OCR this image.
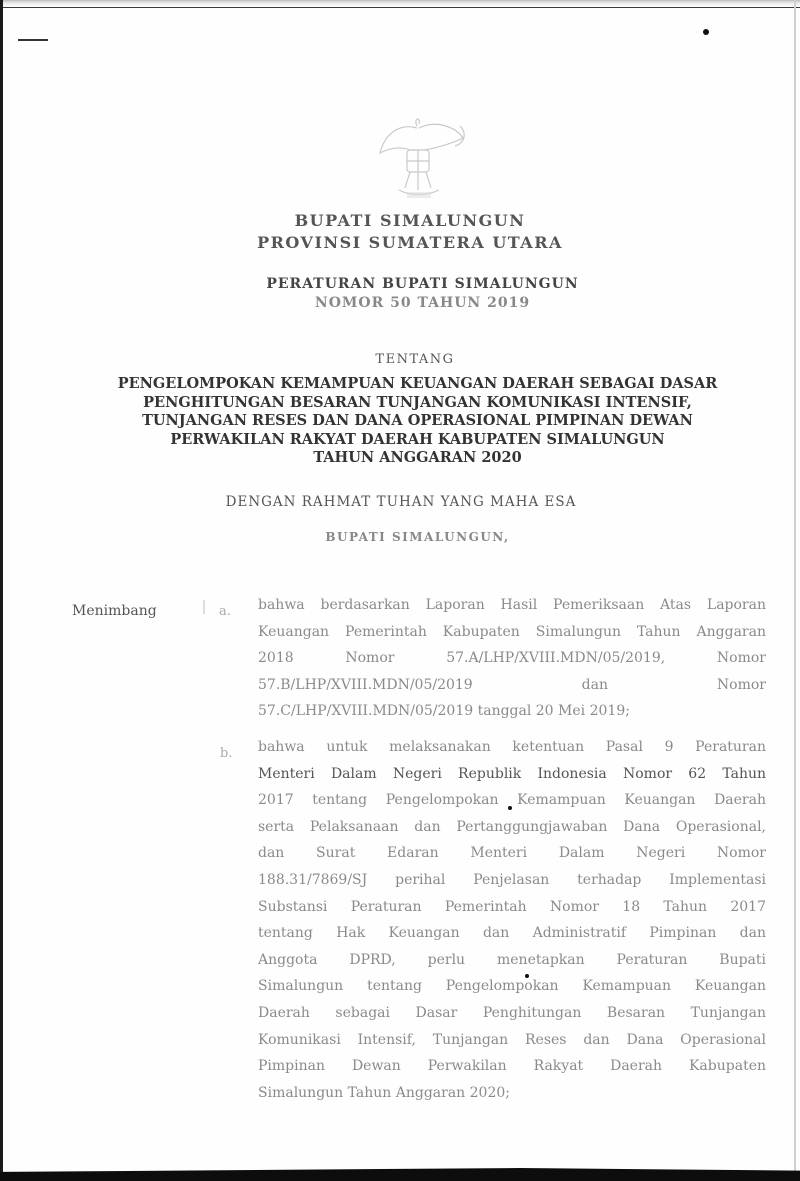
BUPATI SIMALUNGUN
PROVINSI SUMATERA UTARA
PERATURAN BUPATI SIMALUNGUN
NOMOR 50 TAHUN 2019
TENTANG
PENGELOMPOKAN KEMAMPUAN KEUANGAN DAERAH SEBAGAI DASAR
PENGHITUNGAN BESARAN TUNJANGAN KOMUNIKASI INTENSIF,
TUNJANGAN RESES DAN DANA OPERASIONAL PIMPINAN DEWAN
PERWAKILAN RAKYAT DAERAH KABUPATEN SIMALUNGUN
TAHUN ANGGARAN 2020
DENGAN RAHMAT TUHAN YANG MAHA ESA
BUPATI SIMALUNGUN,
Menimbang	a. bahwa berdasarkan Laporan Hasil Pemeriksaan Atas Laporan
Keuangan Pemerintah Kabupaten Simalungun Tahun Anggaran
2018 Nomor 57.A/LHP/XVIII.MDN/05/2019, Nomor
57.B/LHP/XVIII.MDN/05/2019 dan Nomor
57.C/LHP/XVIII.MDN/05/2019 tanggal 20 Mei 2019;
b. bahwa untuk melaksanakan ketentuan Pasal 9 Peraturan
Menteri Dalam Negeri Republik Indonesia Nomor 62 Tahun
2017 tentang Pengelompokan Kemampuan Keuangan Daerah
serta Pelaksanaan dan Pertanggungjawaban Dana Operasional,
dan Surat Edaran Menteri Dalam Negeri Nomor
188.31/7869/SJ perihal Penjelasan terhadap Implementasi
Substansi Peraturan Pemerintah Nomor 18 Tahun 2017
tentang Hak Keuangan dan Administratif Pimpinan dan
Anggota DPRD, perlu menetapkan Peraturan Bupati
Simalungun tentang Pengelompokan Kemampuan Keuangan
Daerah sebagai Dasar Penghitungan Besaran Tunjangan
Komunikasi Intensif, Tunjangan Reses dan Dana Operasional
Pimpinan Dewan Perwakilan Rakyat Daerah Kabupaten
Simalungun Tahun Anggaran 2020;
